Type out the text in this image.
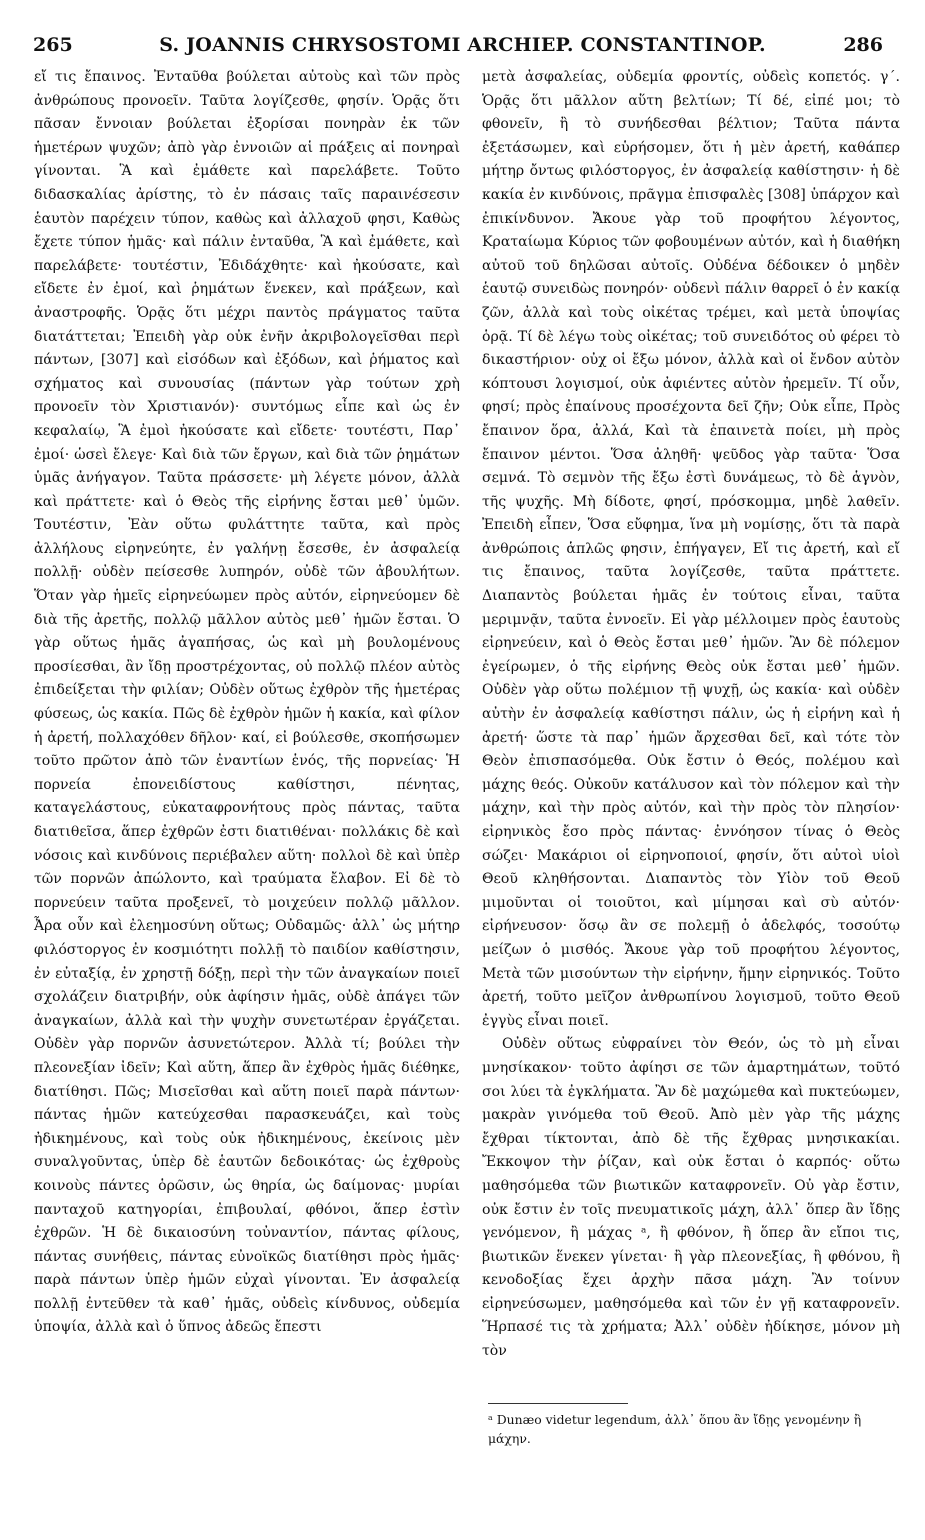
265	S. JOANNIS CHRYSOSTOMI ARCHIEP. CONSTANTINOP.	286

εἴ τις ἔπαινος. Ἐνταῦθα βούλεται αὐτοὺς καὶ τῶν πρὸς ἀνθρώπους προνοεῖν. Ταῦτα λογίζεσθε, φησίν. Ὁρᾷς ὅτι πᾶσαν ἔννοιαν βούλεται ἐξορίσαι πονηρὰν ἐκ τῶν ἡμετέρων ψυχῶν; ἀπὸ γὰρ ἐννοιῶν αἱ πράξεις αἱ πονηραὶ γίνονται. Ἃ καὶ ἐμάθετε καὶ παρελάβετε. Τοῦτο διδασκαλίας ἀρίστης, τὸ ἐν πάσαις ταῖς παραινέσεσιν ἑαυτὸν παρέχειν τύπον, καθὼς καὶ ἀλλαχοῦ φησι, Καθὼς ἔχετε τύπον ἡμᾶς· καὶ πάλιν ἐνταῦθα, Ἃ καὶ ἐμάθετε, καὶ παρελάβετε· τουτέστιν, Ἐδιδάχθητε· καὶ ἠκούσατε, καὶ εἴδετε ἐν ἐμοί, καὶ ῥημάτων ἕνεκεν, καὶ πράξεων, καὶ ἀναστροφῆς. Ὁρᾷς ὅτι μέχρι παντὸς πράγματος ταῦτα διατάττεται; Ἐπειδὴ γὰρ οὐκ ἐνῆν ἀκριβολογεῖσθαι περὶ πάντων, [307] καὶ εἰσόδων καὶ ἐξόδων, καὶ ῥήματος καὶ σχήματος καὶ συνουσίας (πάντων γὰρ τούτων χρὴ προνοεῖν τὸν Χριστιανόν)· συντόμως εἶπε καὶ ὡς ἐν κεφαλαίῳ, Ἃ ἐμοὶ ἠκούσατε καὶ εἴδετε· τουτέστι, Παρ᾽ ἐμοί· ὡσεὶ ἔλεγε· Καὶ διὰ τῶν ἔργων, καὶ διὰ τῶν ῥημάτων ὑμᾶς ἀνήγαγον. Ταῦτα πράσσετε· μὴ λέγετε μόνον, ἀλλὰ καὶ πράττετε· καὶ ὁ Θεὸς τῆς εἰρήνης ἔσται μεθ᾽ ὑμῶν. Τουτέστιν, Ἐὰν οὕτω φυλάττητε ταῦτα, καὶ πρὸς ἀλλήλους εἰρηνεύητε, ἐν γαλήνῃ ἔσεσθε, ἐν ἀσφαλείᾳ πολλῇ· οὐδὲν πείσεσθε λυπηρόν, οὐδὲ τῶν ἀβουλήτων. Ὅταν γὰρ ἡμεῖς εἰρηνεύωμεν πρὸς αὐτόν, εἰρηνεύομεν δὲ διὰ τῆς ἀρετῆς, πολλῷ μᾶλλον αὐτὸς μεθ᾽ ἡμῶν ἔσται. Ὁ γὰρ οὕτως ἡμᾶς ἀγαπήσας, ὡς καὶ μὴ βουλομένους προσίεσθαι, ἂν ἴδῃ προστρέχοντας, οὐ πολλῷ πλέον αὐτὸς ἐπιδείξεται τὴν φιλίαν; Οὐδὲν οὕτως ἐχθρὸν τῆς ἡμετέρας φύσεως, ὡς κακία. Πῶς δὲ ἐχθρὸν ἡμῶν ἡ κακία, καὶ φίλον ἡ ἀρετή, πολλαχόθεν δῆλον· καί, εἰ βούλεσθε, σκοπήσωμεν τοῦτο πρῶτον ἀπὸ τῶν ἐναντίων ἑνός, τῆς πορνείας· Ἡ πορνεία ἐπονειδίστους καθίστησι, πένητας, καταγελάστους, εὐκαταφρονήτους πρὸς πάντας, ταῦτα διατιθεῖσα, ἅπερ ἐχθρῶν ἐστι διατιθέναι· πολλάκις δὲ καὶ νόσοις καὶ κινδύνοις περιέβαλεν αὕτη· πολλοὶ δὲ καὶ ὑπὲρ τῶν πορνῶν ἀπώλοντο, καὶ τραύματα ἔλαβον. Εἰ δὲ τὸ πορνεύειν ταῦτα προξενεῖ, τὸ μοιχεύειν πολλῷ μᾶλλον. Ἆρα οὖν καὶ ἐλεημοσύνη οὕτως; Οὐδαμῶς· ἀλλ᾽ ὡς μήτηρ φιλόστοργος ἐν κοσμιότητι πολλῇ τὸ παιδίον καθίστησιν, ἐν εὐταξίᾳ, ἐν χρηστῇ δόξῃ, περὶ τὴν τῶν ἀναγκαίων ποιεῖ σχολάζειν διατριβήν, οὐκ ἀφίησιν ἡμᾶς, οὐδὲ ἀπάγει τῶν ἀναγκαίων, ἀλλὰ καὶ τὴν ψυχὴν συνετωτέραν ἐργάζεται. Οὐδὲν γὰρ πορνῶν ἀσυνετώτερον. Ἀλλὰ τί; βούλει τὴν πλεονεξίαν ἰδεῖν; Καὶ αὕτη, ἅπερ ἂν ἐχθρὸς ἡμᾶς διέθηκε, διατίθησι. Πῶς; Μισεῖσθαι καὶ αὕτη ποιεῖ παρὰ πάντων· πάντας ἡμῶν κατεύχεσθαι παρασκευάζει, καὶ τοὺς ἠδικημένους, καὶ τοὺς οὐκ ἠδικημένους, ἐκείνοις μὲν συναλγοῦντας, ὑπὲρ δὲ ἑαυτῶν δεδοικότας· ὡς ἐχθροὺς κοινοὺς πάντες ὁρῶσιν, ὡς θηρία, ὡς δαίμονας· μυρίαι πανταχοῦ κατηγορίαι, ἐπιβουλαί, φθόνοι, ἅπερ ἐστὶν ἐχθρῶν. Ἡ δὲ δικαιοσύνη τοὐναντίον, πάντας φίλους, πάντας συνήθεις, πάντας εὐνοϊκῶς διατίθησι πρὸς ἡμᾶς· παρὰ πάντων ὑπὲρ ἡμῶν εὐχαὶ γίνονται. Ἐν ἀσφαλείᾳ πολλῇ ἐντεῦθεν τὰ καθ᾽ ἡμᾶς, οὐδεὶς κίνδυνος, οὐδεμία ὑποψία, ἀλλὰ καὶ ὁ ὕπνος ἀδεῶς ἔπεστι

μετὰ ἀσφαλείας, οὐδεμία φροντίς, οὐδεὶς κοπετός. γ΄. Ὁρᾷς ὅτι μᾶλλον αὕτη βελτίων; Τί δέ, εἰπέ μοι; τὸ φθονεῖν, ἢ τὸ συνήδεσθαι βέλτιον; Ταῦτα πάντα ἐξετάσωμεν, καὶ εὑρήσομεν, ὅτι ἡ μὲν ἀρετή, καθάπερ μήτηρ ὄντως φιλόστοργος, ἐν ἀσφαλείᾳ καθίστησιν· ἡ δὲ κακία ἐν κινδύνοις, πρᾶγμα ἐπισφαλὲς [308] ὑπάρχον καὶ ἐπικίνδυνον. Ἄκουε γὰρ τοῦ προφήτου λέγοντος, Κραταίωμα Κύριος τῶν φοβουμένων αὐτόν, καὶ ἡ διαθήκη αὐτοῦ τοῦ δηλῶσαι αὐτοῖς. Οὐδένα δέδοικεν ὁ μηδὲν ἑαυτῷ συνειδὼς πονηρόν· οὐδενὶ πάλιν θαρρεῖ ὁ ἐν κακίᾳ ζῶν, ἀλλὰ καὶ τοὺς οἰκέτας τρέμει, καὶ μετὰ ὑποψίας ὁρᾷ. Τί δὲ λέγω τοὺς οἰκέτας; τοῦ συνειδότος οὐ φέρει τὸ δικαστήριον· οὐχ οἱ ἔξω μόνον, ἀλλὰ καὶ οἱ ἔνδον αὐτὸν κόπτουσι λογισμοί, οὐκ ἀφιέντες αὐτὸν ἠρεμεῖν. Τί οὖν, φησί; πρὸς ἐπαίνους προσέχοντα δεῖ ζῆν; Οὐκ εἶπε, Πρὸς ἔπαινον ὅρα, ἀλλά, Καὶ τὰ ἐπαινετὰ ποίει, μὴ πρὸς ἔπαινον μέντοι. Ὅσα ἀληθῆ· ψεῦδος γὰρ ταῦτα· Ὅσα σεμνά. Τὸ σεμνὸν τῆς ἔξω ἐστὶ δυνάμεως, τὸ δὲ ἁγνὸν, τῆς ψυχῆς. Μὴ δίδοτε, φησί, πρόσκομμα, μηδὲ λαθεῖν. Ἐπειδὴ εἶπεν, Ὅσα εὔφημα, ἵνα μὴ νομίσῃς, ὅτι τὰ παρὰ ἀνθρώποις ἁπλῶς φησιν, ἐπήγαγεν, Εἴ τις ἀρετή, καὶ εἴ τις ἔπαινος, ταῦτα λογίζεσθε, ταῦτα πράττετε. Διαπαντὸς βούλεται ἡμᾶς ἐν τούτοις εἶναι, ταῦτα μεριμνᾷν, ταῦτα ἐννοεῖν. Εἰ γὰρ μέλλοιμεν πρὸς ἑαυτοὺς εἰρηνεύειν, καὶ ὁ Θεὸς ἔσται μεθ᾽ ἡμῶν. Ἂν δὲ πόλεμον ἐγείρωμεν, ὁ τῆς εἰρήνης Θεὸς οὐκ ἔσται μεθ᾽ ἡμῶν. Οὐδὲν γὰρ οὕτω πολέμιον τῇ ψυχῇ, ὡς κακία· καὶ οὐδὲν αὐτὴν ἐν ἀσφαλείᾳ καθίστησι πάλιν, ὡς ἡ εἰρήνη καὶ ἡ ἀρετή· ὥστε τὰ παρ᾽ ἡμῶν ἄρχεσθαι δεῖ, καὶ τότε τὸν Θεὸν ἐπισπασόμεθα. Οὐκ ἔστιν ὁ Θεός, πολέμου καὶ μάχης θεός. Οὐκοῦν κατάλυσον καὶ τὸν πόλεμον καὶ τὴν μάχην, καὶ τὴν πρὸς αὐτόν, καὶ τὴν πρὸς τὸν πλησίον· εἰρηνικὸς ἔσο πρὸς πάντας· ἐννόησον τίνας ὁ Θεὸς σώζει· Μακάριοι οἱ εἰρηνοποιοί, φησίν, ὅτι αὐτοὶ υἱοὶ Θεοῦ κληθήσονται. Διαπαντὸς τὸν Υἱὸν τοῦ Θεοῦ μιμοῦνται οἱ τοιοῦτοι, καὶ μίμησαι καὶ σὺ αὐτόν· εἰρήνευσον· ὅσῳ ἂν σε πολεμῇ ὁ ἀδελφός, τοσούτῳ μείζων ὁ μισθός. Ἄκουε γὰρ τοῦ προφήτου λέγοντος, Μετὰ τῶν μισούντων τὴν εἰρήνην, ἤμην εἰρηνικός. Τοῦτο ἀρετή, τοῦτο μεῖζον ἀνθρωπίνου λογισμοῦ, τοῦτο Θεοῦ ἐγγὺς εἶναι ποιεῖ.

Οὐδὲν οὕτως εὐφραίνει τὸν Θεόν, ὡς τὸ μὴ εἶναι μνησίκακον· τοῦτο ἀφίησι σε τῶν ἁμαρτημάτων, τοῦτό σοι λύει τὰ ἐγκλήματα. Ἂν δὲ μαχώμεθα καὶ πυκτεύωμεν, μακρὰν γινόμεθα τοῦ Θεοῦ. Ἀπὸ μὲν γὰρ τῆς μάχης ἔχθραι τίκτονται, ἀπὸ δὲ τῆς ἔχθρας μνησικακίαι. Ἔκκοψον τὴν ῥίζαν, καὶ οὐκ ἔσται ὁ καρπός· οὕτω μαθησόμεθα τῶν βιωτικῶν καταφρονεῖν. Οὐ γὰρ ἔστιν, οὐκ ἔστιν ἐν τοῖς πνευματικοῖς μάχη, ἀλλ᾽ ὅπερ ἂν ἴδῃς γενόμενον, ἢ μάχας ᵃ, ἢ φθόνον, ἢ ὅπερ ἂν εἴποι τις, βιωτικῶν ἕνεκεν γίνεται· ἢ γὰρ πλεονεξίας, ἢ φθόνου, ἢ κενοδοξίας ἔχει ἀρχὴν πᾶσα μάχη. Ἂν τοίνυν εἰρηνεύσωμεν, μαθησόμεθα καὶ τῶν ἐν γῇ καταφρονεῖν. Ἥρπασέ τις τὰ χρήματα; Ἀλλ᾽ οὐδὲν ἠδίκησε, μόνον μὴ τὸν

ᵃ Dunæo videtur legendum, ἀλλ᾽ ὅπου ἂν ἴδῃς γενομένην ἢ μάχην.
